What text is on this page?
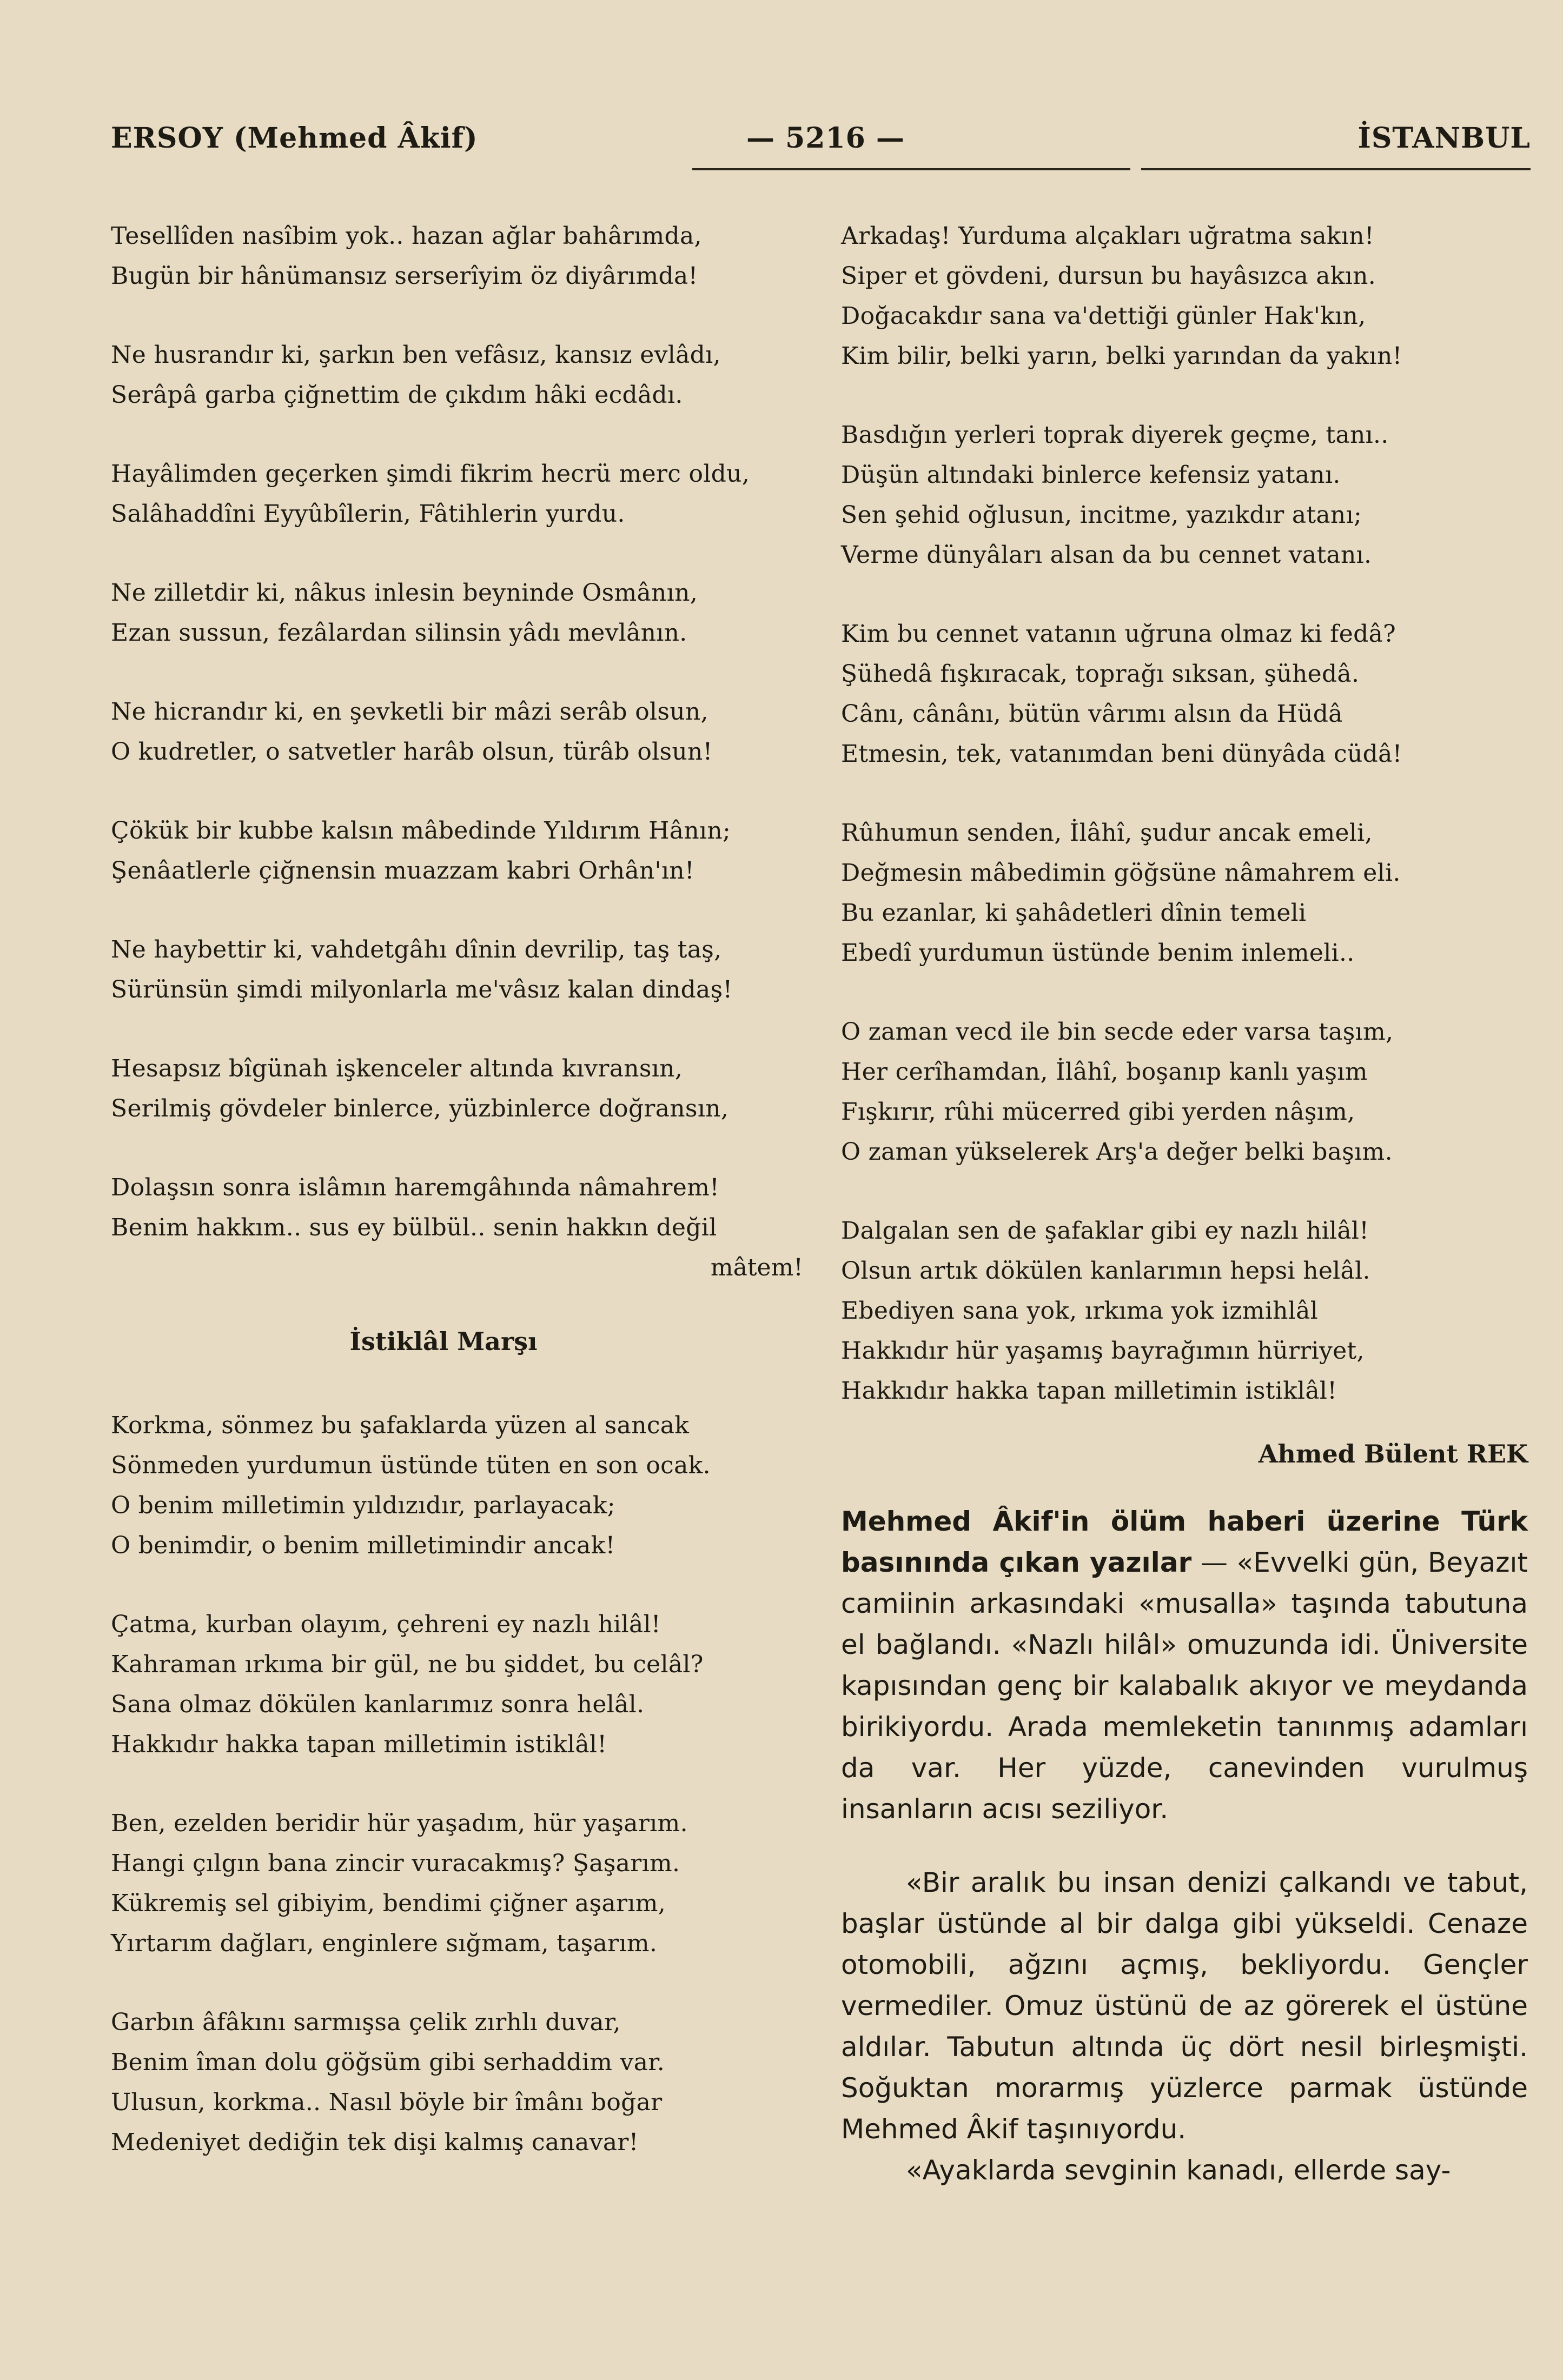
ERSOY (Mehmed Âkif)	— 5216 —	İSTANBUL
Tesellîden nasîbim yok.. hazan ağlar bahârımda,
Bugün bir hânümansız serserîyim öz diyârımda!
Ne husrandır ki, şarkın ben vefâsız, kansız evlâdı,
Serâpâ garba çiğnettim de çıkdım hâki ecdâdı.
Hayâlimden geçerken şimdi fikrim hecrü merc oldu,
Salâhaddîni Eyyûbîlerin, Fâtihlerin yurdu.
Ne zilletdir ki, nâkus inlesin beyninde Osmânın,
Ezan sussun, fezâlardan silinsin yâdı mevlânın.
Ne hicrandır ki, en şevketli bir mâzi serâb olsun,
O kudretler, o satvetler harâb olsun, türâb olsun!
Çökük bir kubbe kalsın mâbedinde Yıldırım Hânın;
Şenâatlerle çiğnensin muazzam kabri Orhân'ın!
Ne haybettir ki, vahdetgâhı dînin devrilip, taş taş,
Sürünsün şimdi milyonlarla me'vâsız kalan dindaş!
Hesapsız bîgünah işkenceler altında kıvransın,
Serilmiş gövdeler binlerce, yüzbinlerce doğransın,
Dolaşsın sonra islâmın haremgâhında nâmahrem!
Benim hakkım.. sus ey bülbül.. senin hakkın değil
mâtem!
İstiklâl Marşı
Korkma, sönmez bu şafaklarda yüzen al sancak
Sönmeden yurdumun üstünde tüten en son ocak.
O benim milletimin yıldızıdır, parlayacak;
O benimdir, o benim milletimindir ancak!
Çatma, kurban olayım, çehreni ey nazlı hilâl!
Kahraman ırkıma bir gül, ne bu şiddet, bu celâl?
Sana olmaz dökülen kanlarımız sonra helâl.
Hakkıdır hakka tapan milletimin istiklâl!
Ben, ezelden beridir hür yaşadım, hür yaşarım.
Hangi çılgın bana zincir vuracakmış? Şaşarım.
Kükremiş sel gibiyim, bendimi çiğner aşarım,
Yırtarım dağları, enginlere sığmam, taşarım.
Garbın âfâkını sarmışsa çelik zırhlı duvar,
Benim îman dolu göğsüm gibi serhaddim var.
Ulusun, korkma.. Nasıl böyle bir îmânı boğar
Medeniyet dediğin tek dişi kalmış canavar!
Arkadaş! Yurduma alçakları uğratma sakın!
Siper et gövdeni, dursun bu hayâsızca akın.
Doğacakdır sana va'dettiği günler Hak'kın,
Kim bilir, belki yarın, belki yarından da yakın!
Basdığın yerleri toprak diyerek geçme, tanı..
Düşün altındaki binlerce kefensiz yatanı.
Sen şehid oğlusun, incitme, yazıkdır atanı;
Verme dünyâları alsan da bu cennet vatanı.
Kim bu cennet vatanın uğruna olmaz ki fedâ?
Şühedâ fışkıracak, toprağı sıksan, şühedâ.
Cânı, cânânı, bütün vârımı alsın da Hüdâ
Etmesin, tek, vatanımdan beni dünyâda cüdâ!
Rûhumun senden, İlâhî, şudur ancak emeli,
Değmesin mâbedimin göğsüne nâmahrem eli.
Bu ezanlar, ki şahâdetleri dînin temeli
Ebedî yurdumun üstünde benim inlemeli..
O zaman vecd ile bin secde eder varsa taşım,
Her cerîhamdan, İlâhî, boşanıp kanlı yaşım
Fışkırır, rûhi mücerred gibi yerden nâşım,
O zaman yükselerek Arş'a değer belki başım.
Dalgalan sen de şafaklar gibi ey nazlı hilâl!
Olsun artık dökülen kanlarımın hepsi helâl.
Ebediyen sana yok, ırkıma yok izmihlâl
Hakkıdır hür yaşamış bayrağımın hürriyet,
Hakkıdır hakka tapan milletimin istiklâl!
Ahmed Bülent REK

Mehmed Âkif'in ölüm haberi üzerine Türk basınında çıkan yazılar — «Evvelki gün, Beyazıt camiinin arkasındaki «musalla» taşında tabutuna el bağlandı. «Nazlı hilâl» omuzunda idi. Üniversite kapısından genç bir kalabalık akıyor ve meydanda birikiyordu. Arada memleketin tanınmış adamları da var. Her yüzde, canevinden vurulmuş insanların acısı seziliyor.

«Bir aralık bu insan denizi çalkandı ve tabut, başlar üstünde al bir dalga gibi yükseldi. Cenaze otomobili, ağzını açmış, bekliyordu. Gençler vermediler. Omuz üstünü de az görerek el üstüne aldılar. Tabutun altında üç dört nesil birleşmişti. Soğuktan morarmış yüzlerce parmak üstünde Mehmed Âkif taşınıyordu.

«Ayaklarda sevginin kanadı, ellerde say-
